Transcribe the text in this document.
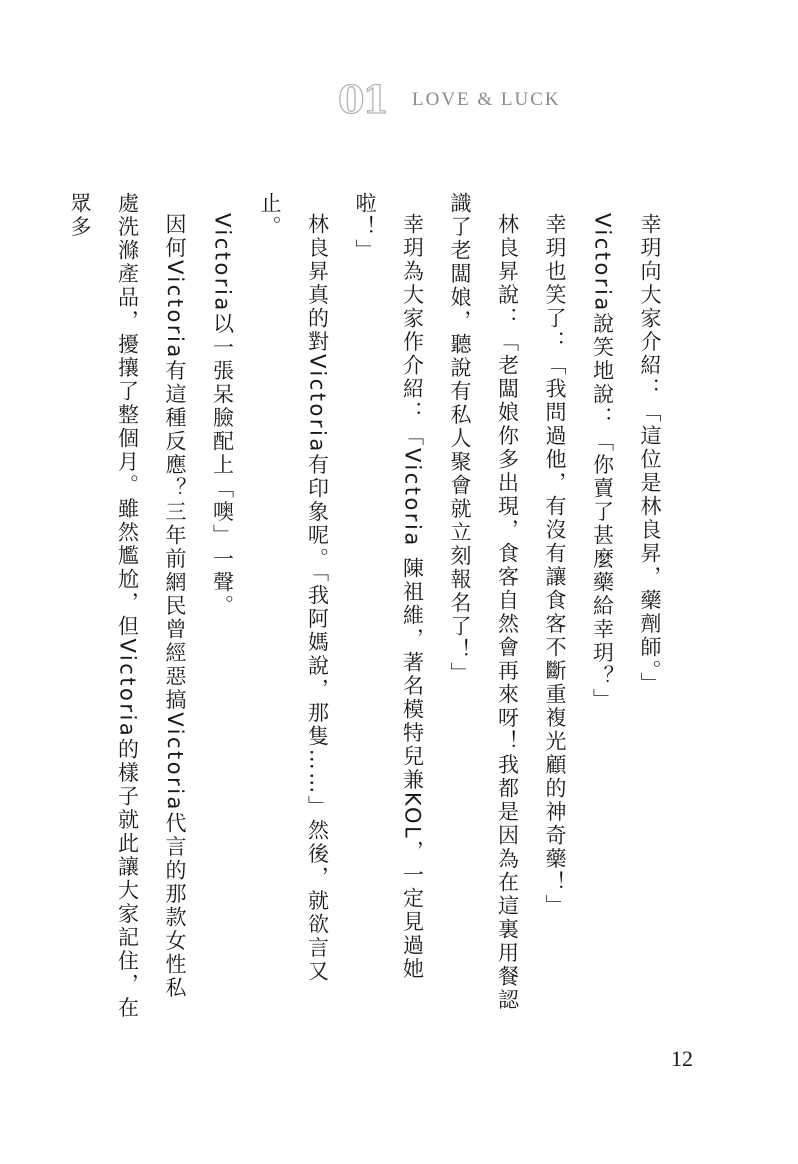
01 LOVE & LUCK

幸玥向大家介紹：「這位是林良昇，藥劑師。」

Victoria說笑地說：「你賣了甚麼藥給幸玥？」

幸玥也笑了：「我問過他，有沒有讓食客不斷重複光顧的神奇藥！」

林良昇說：「老闆娘你多出現，食客自然會再來呀！我都是因為在這裏用餐認識了老闆娘，聽說有私人聚會就立刻報名了！」

幸玥為大家作介紹：「Victoria 陳祖維，著名模特兒兼KOL，一定見過她啦！」

林良昇真的對Victoria有印象呢。「我阿媽說，那隻……」然後，就欲言又止。

Victoria以一張呆臉配上「噢」一聲。

因何Victoria有這種反應？三年前網民曾經惡搞Victoria代言的那款女性私處洗滌產品，擾攘了整個月。雖然尷尬，但Victoria的樣子就此讓大家記住，在眾多

12
